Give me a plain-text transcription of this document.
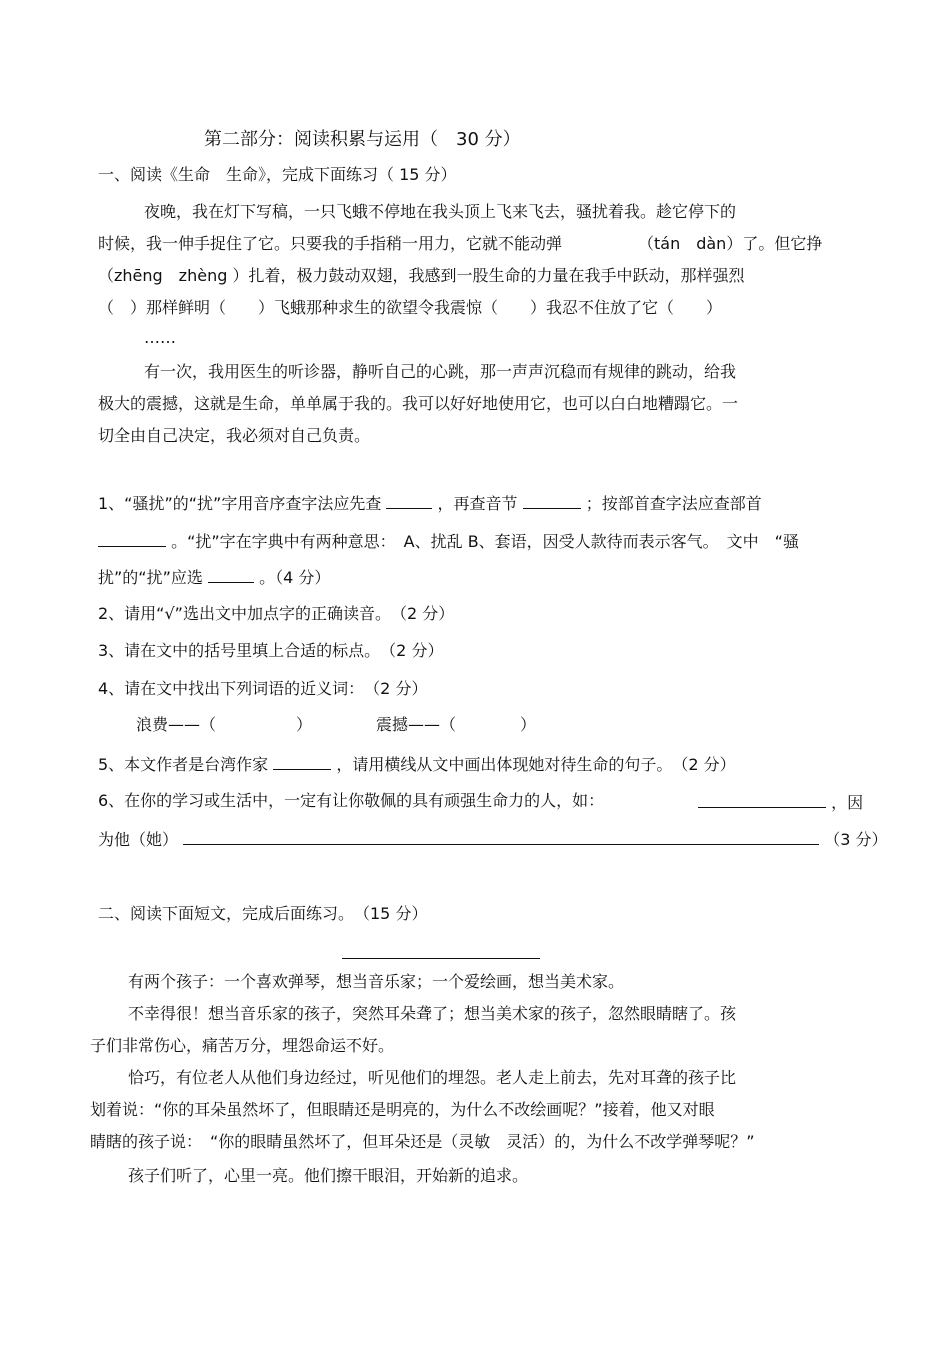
第二部分：阅读积累与运用（　30 分）
一、阅读《生命　生命》，完成下面练习（ 15 分）
夜晚，我在灯下写稿，一只飞蛾不停地在我头顶上飞来飞去，骚扰着我。趁它停下的
时候，我一伸手捉住了它。只要我的手指稍一用力，它就不能动弹	（tán　dàn）了。但它挣
（zhēng　zhèng ）扎着，极力鼓动双翅，我感到一股生命的力量在我手中跃动，那样强烈
（　）那样鲜明（　　）飞蛾那种求生的欲望令我震惊（　　）我忍不住放了它（　　）
……
有一次，我用医生的听诊器，静听自己的心跳，那一声声沉稳而有规律的跳动，给我
极大的震撼，这就是生命，单单属于我的。我可以好好地使用它，也可以白白地糟蹋它。一
切全由自己决定，我必须对自己负责。
1、“骚扰”的“扰”字用音序查字法应先查	，再查音节	；按部首查字法应查部首
。“扰”字在字典中有两种意思：　A、扰乱 B、套语，因受人款待而表示客气。　文中　“骚
扰”的“扰”应选	。（4 分）
2、请用“√”选出文中加点字的正确读音。　（2 分）
3、请在文中的括号里填上合适的标点。　（2 分）
4、请在文中找出下列词语的近义词：　（2 分）
浪费——（　　　　　）	震撼——（　　　　）
5、本文作者是台湾作家	，请用横线从文中画出体现她对待生命的句子。　（2 分）
6、在你的学习或生活中，一定有让你敬佩的具有顽强生命力的人，如：	，因
为他（她）	（3 分）
二、阅读下面短文，完成后面练习。　（15 分）
有两个孩子：一个喜欢弹琴，想当音乐家；一个爱绘画，想当美术家。
不幸得很！想当音乐家的孩子，突然耳朵聋了；想当美术家的孩子，忽然眼睛瞎了。孩
子们非常伤心，痛苦万分，埋怨命运不好。
恰巧，有位老人从他们身边经过，听见他们的埋怨。老人走上前去，先对耳聋的孩子比
划着说：“你的耳朵虽然坏了，但眼睛还是明亮的，为什么不改绘画呢？”接着，他又对眼
睛瞎的孩子说：　“你的眼睛虽然坏了，但耳朵还是（灵敏　灵活）的，为什么不改学弹琴呢？”
孩子们听了，心里一亮。他们擦干眼泪，开始新的追求。
